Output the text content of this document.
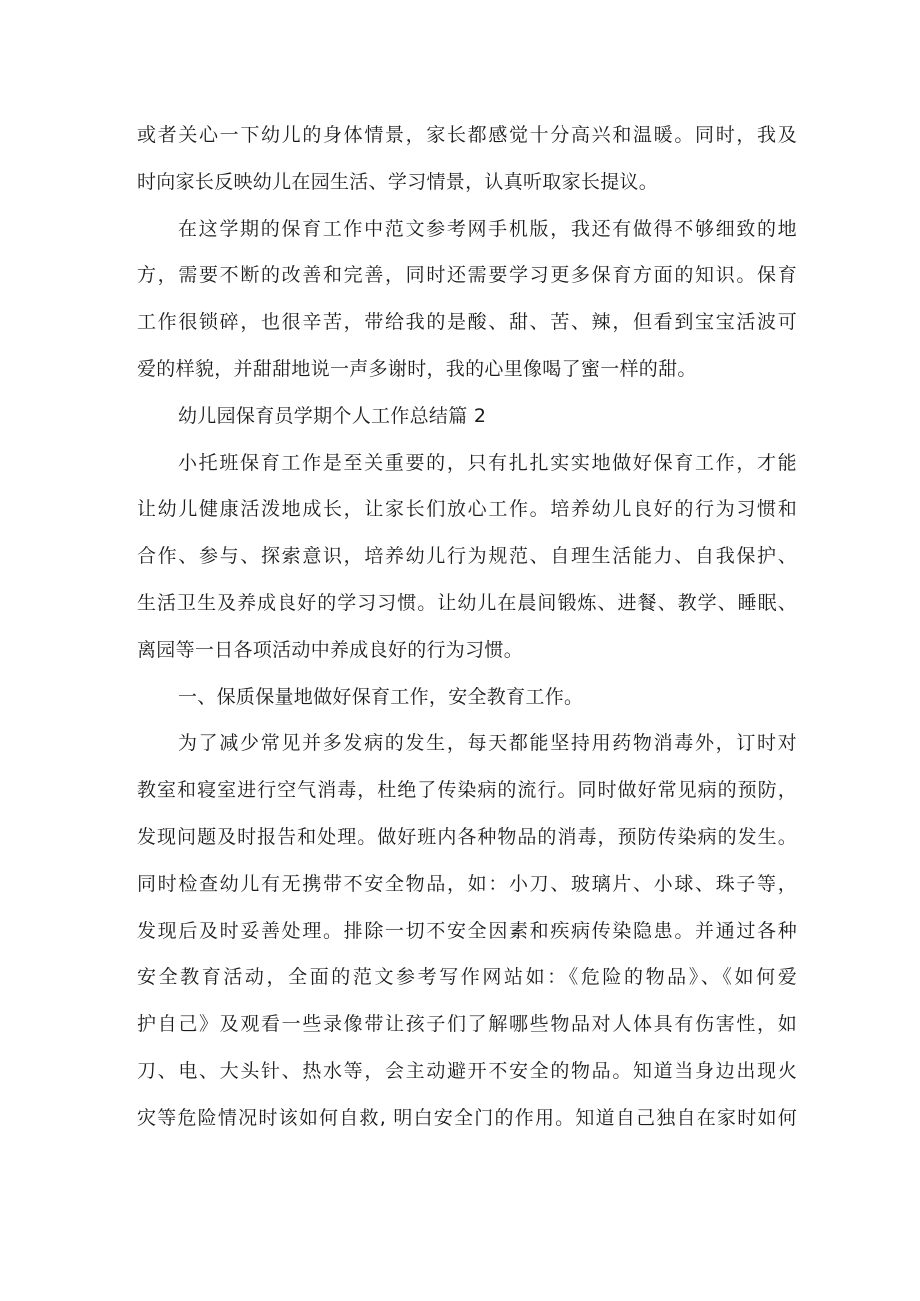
或者关心一下幼儿的身体情景，家长都感觉十分高兴和温暖。同时，我及
时向家长反映幼儿在园生活、学习情景，认真听取家长提议。
在这学期的保育工作中范文参考网手机版，我还有做得不够细致的地
方，需要不断的改善和完善，同时还需要学习更多保育方面的知识。保育
工作很锁碎，也很辛苦，带给我的是酸、甜、苦、辣，但看到宝宝活波可
爱的样貌，并甜甜地说一声多谢时，我的心里像喝了蜜一样的甜。
幼儿园保育员学期个人工作总结篇 2
小托班保育工作是至关重要的，只有扎扎实实地做好保育工作，才能
让幼儿健康活泼地成长，让家长们放心工作。培养幼儿良好的行为习惯和
合作、参与、探索意识，培养幼儿行为规范、自理生活能力、自我保护、
生活卫生及养成良好的学习习惯。让幼儿在晨间锻炼、进餐、教学、睡眠、
离园等一日各项活动中养成良好的行为习惯。
一、保质保量地做好保育工作，安全教育工作。
为了减少常见并多发病的发生，每天都能坚持用药物消毒外，订时对
教室和寝室进行空气消毒，杜绝了传染病的流行。同时做好常见病的预防，
发现问题及时报告和处理。做好班内各种物品的消毒，预防传染病的发生。
同时检查幼儿有无携带不安全物品，如：小刀、玻璃片、小球、珠子等，
发现后及时妥善处理。排除一切不安全因素和疾病传染隐患。并通过各种
安全教育活动，全面的范文参考写作网站如：《危险的物品》、《如何爱
护自己》及观看一些录像带让孩子们了解哪些物品对人体具有伤害性，如
刀、电、大头针、热水等，会主动避开不安全的物品。知道当身边出现火
灾等危险情况时该如何自救, 明白安全门的作用。知道自己独自在家时如何
